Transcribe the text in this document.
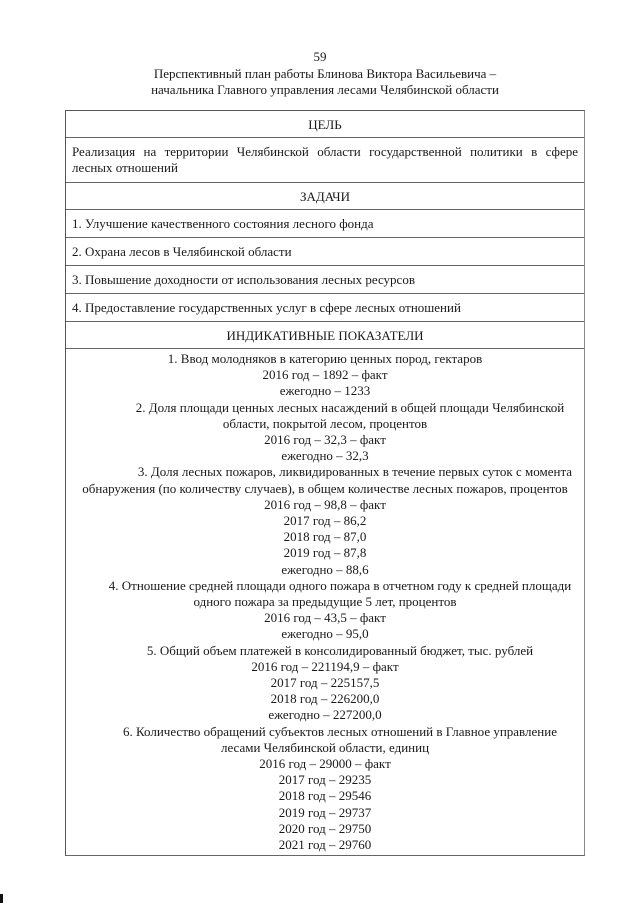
59
Перспективный план работы Блинова Виктора Васильевича –
начальника Главного управления лесами Челябинской области
ЦЕЛЬ
Реализация на территории Челябинской области государственной политики в сфере
лесных отношений
ЗАДАЧИ
1. Улучшение качественного состояния лесного фонда
2. Охрана лесов в Челябинской области
3. Повышение доходности от использования лесных ресурсов
4. Предоставление государственных услуг в сфере лесных отношений
ИНДИКАТИВНЫЕ ПОКАЗАТЕЛИ
1. Ввод молодняков в категорию ценных пород, гектаров
2016 год – 1892 – факт
ежегодно – 1233
2. Доля площади ценных лесных насаждений в общей площади Челябинской
области, покрытой лесом, процентов
2016 год – 32,3 – факт
ежегодно – 32,3
3. Доля лесных пожаров, ликвидированных в течение первых суток с момента
обнаружения (по количеству случаев), в общем количестве лесных пожаров, процентов
2016 год – 98,8 – факт
2017 год – 86,2
2018 год – 87,0
2019 год – 87,8
ежегодно – 88,6
4. Отношение средней площади одного пожара в отчетном году к средней площади
одного пожара за предыдущие 5 лет, процентов
2016 год – 43,5 – факт
ежегодно – 95,0
5. Общий объем платежей в консолидированный бюджет, тыс. рублей
2016 год – 221194,9 – факт
2017 год – 225157,5
2018 год – 226200,0
ежегодно – 227200,0
6. Количество обращений субъектов лесных отношений в Главное управление
лесами Челябинской области, единиц
2016 год – 29000 – факт
2017 год – 29235
2018 год – 29546
2019 год – 29737
2020 год – 29750
2021 год – 29760
